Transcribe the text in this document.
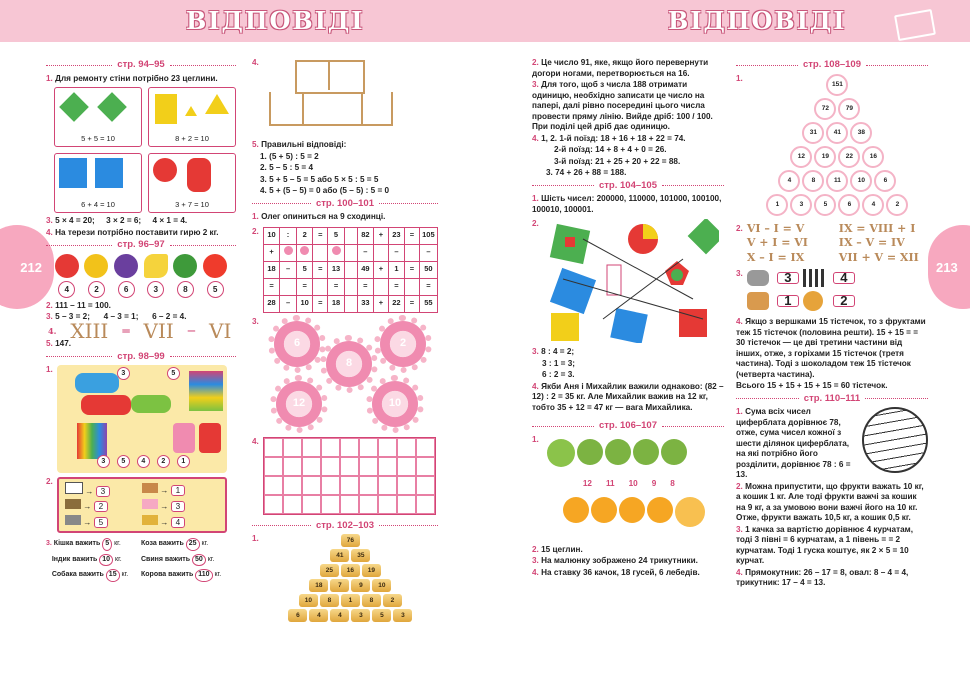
ВІДПОВІДІ	ВІДПОВІДІ
212	213
стр. 94–95

1. Для ремонту стіни потрібно 23 цеглини.

5 + 5 = 10	8 + 2 = 10
6 + 4 = 10	3 + 7 = 10

3. 5 × 4 = 20; 3 × 2 = 6; 4 × 1 = 4.

4. На терези потрібно поставити гирю 2 кг.

стр. 96–97
4	2	6	3	8	5

2. 111 – 11 = 100.

3. 5 – 3 = 2; 4 – 3 = 1; 6 – 2 = 4.

4. XIII ═ VII ─ VI

5. 147.

стр. 98–99
1.	3	5
3	5	4	2	1
2.
→ 3	→ 1
→ 2	→ 3
→ 5	→ 4
3. Кішка важить 5 кг.	Коза важить 25 кг.
Індик важить 10 кг.	Свиня важить 50 кг.
Собака важить 15 кг.	Корова важить 110 кг.
4.

5. Правильні відповіді:

1. (5 + 5) : 5 = 2

2. 5 – 5 : 5 = 4

3. 5 + 5 – 5 = 5 або 5 × 5 : 5 = 5

4. 5 + (5 – 5) = 0 або (5 – 5) : 5 = 0

стр. 100–101

1. Олег опиниться на 9 сходинці.

2. 10	:	2	=	5		82	+	23	=	105
+						–		–		–
18	–	5	=	13		49	+	1	=	50
=		=		=		=		=		=
28	–	10	=	18		33	+	22	=	55
3.
6
8
2
12	10
4.
стр. 102–103
1.	76
41	35
25	16	19
18	7	9	10
10	8	1	8	2
6	4	4	3	5	3

2. Це число 91, яке, якщо його перевернути догори ногами, перетворюється на 16.

3. Для того, щоб з числа 188 отримати одиницю, необхідно записати це число на папері, далі рівно посередині цього числа провести пряму лінію. Вийде дріб: 100 / 100. При поділі цей дріб дає одиницю.

4. 1, 2. 1-й поїзд: 18 + 16 + 18 + 22 = 74.

2-й поїзд: 14 + 8 + 4 + 0 = 26.

3-й поїзд: 21 + 25 + 20 + 22 = 88.

3. 74 + 26 + 88 = 188.

стр. 104–105

1. Шість чисел: 200000, 110000, 101000, 100100, 100010, 100001.

2.

3. 8 : 4 = 2;

3 : 1 = 3;

6 : 2 = 3.

4. Якби Аня і Михайлик важили однаково: (82 – 12) : 2 = 35 кг. Але Михайлик важив на 12 кг, тобто 35 + 12 = 47 кг — вага Михайлика.

стр. 106–107
1.
12 11 10 9 8

2. 15 цеглин.

3. На малюнку зображено 24 трикутники.

4. На ставку 36 качок, 18 гусей, 6 лебедів.

стр. 108–109
1.
151
72	79
31	41	38
12	19	22	16
4	8	11	10	6
1	3	5	6	4	2
2. VI – I = V	IX = VIII + I
V + I = VI	IX – V = IV
X – I = IX	VII + V = XII
3.	3	4
1	2

4. Якщо з вершками 15 тістечок, то з фруктами теж 15 тістечок (половина решти). 15 + 15 = = 30 тістечок — це дві третини частини від інших, отже, з горіхами 15 тістечок (третя частина). Тоді з шоколадом теж 15 тістечок (четверта частина).

Всього 15 + 15 + 15 + 15 = 60 тістечок.

стр. 110–111

1. Сума всіх чисел циферблата дорівнює 78, отже, сума чисел кожної з шести ділянок циферблата, на які потрібно його розділити, дорівнює 78 : 6 = 13.

2. Можна припустити, що фрукти важать 10 кг, а кошик 1 кг. Але тоді фрукти важчі за кошик на 9 кг, а за умовою вони важчі його на 10 кг. Отже, фрукти важать 10,5 кг, а кошик 0,5 кг.

3. 1 качка за вартістю дорівнює 4 курчатам, тоді 3 півні = 6 курчатам, а 1 півень = = 2 курчатам. Тоді 1 гуска коштує, як 2 × 5 = 10 курчат.

4. Прямокутник: 26 – 17 = 8, овал: 8 – 4 = 4, трикутник: 17 – 4 = 13.
